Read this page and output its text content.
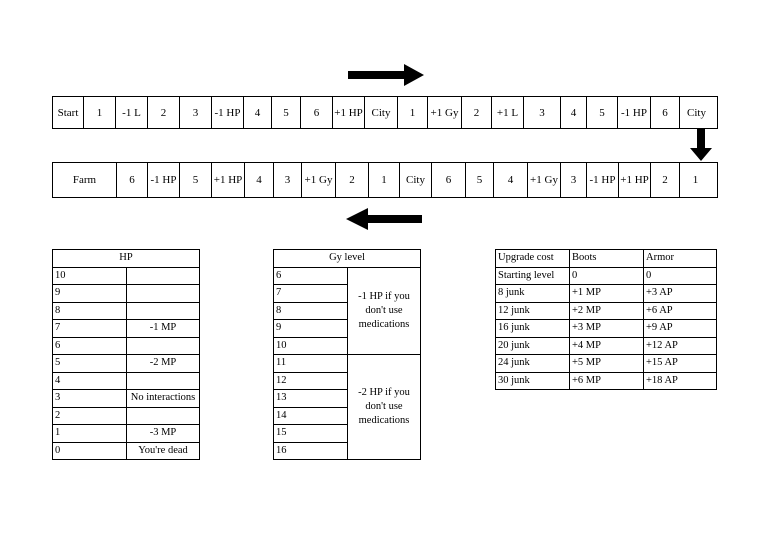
Start	1	-1 L	2	3	-1 HP	4	5	6	+1 HP City	1	+1 Gy	2	+1 L	3	4	5	-1 HP	6	City
Farm	6	-1 HP	5	+1 HP	4	3	+1 Gy	2	1	City	6	5	4	+1 Gy	3	-1 HP +1 HP	2	1
HP	
10	
9	
8	
7	-1 MP
6	
5	-2 MP
4	
3	No interactions
2	
1	-3 MP
0	You're dead
Gy level	
6	-1 HP if you don't use medications
7	
8	
9	
10	
11	-2 HP if you don't use medications
12	
13	
14	
15	
16	
Upgrade cost	Boots	Armor
Starting level	0	0
8 junk	+1 MP	+3 AP
12 junk	+2 MP	+6 AP
16 junk	+3 MP	+9 AP
20 junk	+4 MP	+12 AP
24 junk	+5 MP	+15 AP
30 junk	+6 MP	+18 AP
